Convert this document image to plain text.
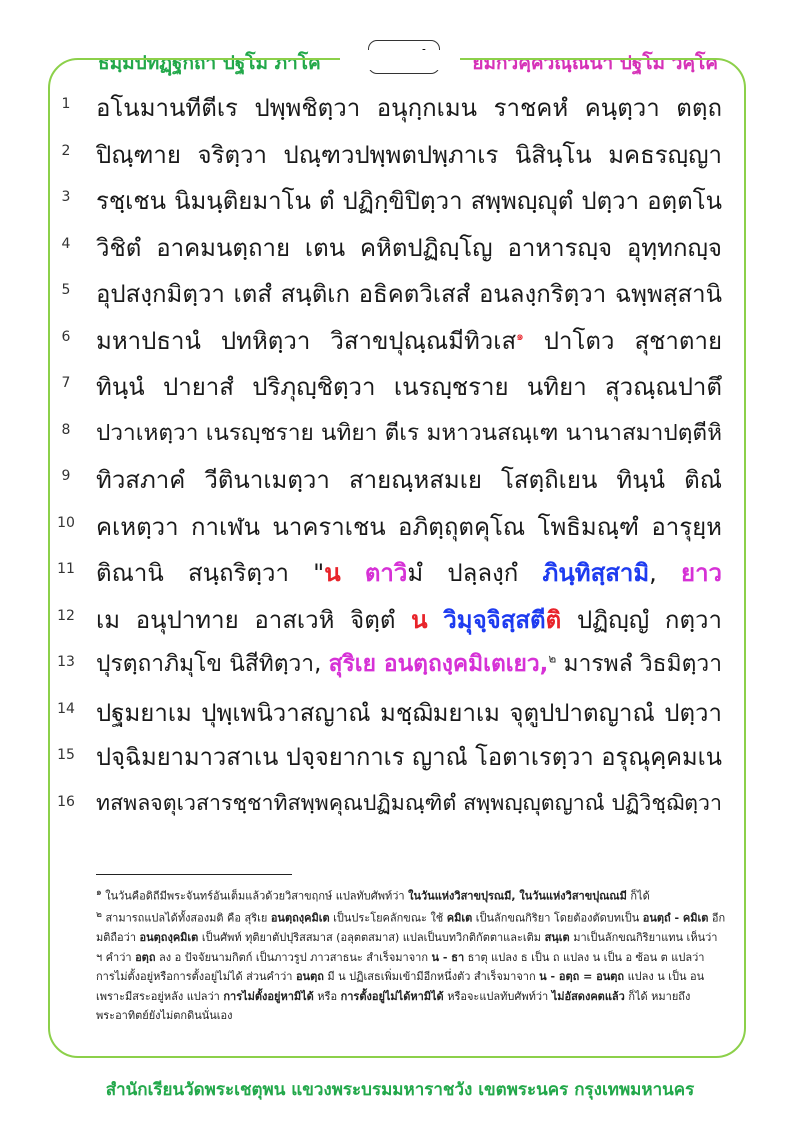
ธมฺมปทฏฺฐกถา ปฐโม ภาโค	ยมกวคฺควณฺณนา ปฐโม วคฺโค
1	อโนมานทีตีเร ปพฺพชิตฺวา อนุกฺกเมน ราชคหํ คนฺตฺวา ตตฺถ
2	ปิณฺฑาย จริตฺวา ปณฺฑวปพฺพตปพฺภาเร นิสินฺโน มคธรญฺญา
3	รชฺเชน นิมนฺติยมาโน ตํ ปฏิกฺขิปิตฺวา สพฺพญฺญุตํ ปตฺวา อตฺตโน
4	วิชิตํ อาคมนตฺถาย เตน คหิตปฏิญฺโญ อาหารญฺจ อุทฺทกญฺจ
5	อุปสงฺกมิตฺวา เตสํ สนฺติเก อธิคตวิเสสํ อนลงฺกริตฺวา ฉพฺพสฺสานิ
6	มหาปธานํ ปทหิตฺวา วิสาขปุณฺณมีทิวเส$^๑$ ปาโตว สุชาตาย
7	ทินฺนํ ปายาสํ ปริภุญฺชิตฺวา เนรญฺชราย นทิยา สุวณฺณปาตึ
8	ปวาเหตฺวา เนรญฺชราย นทิยา ตีเร มหาวนสณฺเฑ นานาสมาปตฺตีหิ
9	ทิวสภาคํ วีตินาเมตฺวา สายณฺหสมเย โสตฺถิเยน ทินฺนํ ติณํ
10 คเหตฺวา กาเฬน นาคราเชน อภิตฺถุตคุโณ โพธิมณฺฑํ อารุยฺห
11 ติณานิ สนฺถริตฺวา "น ตาวิมํ ปลฺลงฺกํ ภินฺทิสฺสามิ, ยาว
12 เม อนุปาทาย อาสเวหิ จิตฺตํ น วิมุจฺจิสฺสตีติ ปฏิญฺญํ กตฺวา
13 ปุรตฺถาภิมุโข นิสีทิตฺวา, สุริเย อนตฺถงฺคมิเตเยว,$^๒$ มารพลํ วิธมิตฺวา
14 ปฐมยาเม ปุพฺเพนิวาสญาณํ มชฺฌิมยาเม จุตูปปาตญาณํ ปตฺวา
15 ปจฺฉิมยามาวสาเน ปจฺจยากาเร ญาณํ โอตาเรตฺวา อรุณุคฺคมเน
16 ทสพลจตุเวสารชฺชาทิสพฺพคุณปฏิมณฺฑิตํ สพฺพญฺญุตญาณํ ปฏิวิชฺฌิตฺวา

$^๑$ ในวันคือดิถีมีพระจันทร์อันเต็มแล้วด้วยวิสาขฤกษ์ แปลทับศัพท์ว่า ในวันแห่งวิสาขปุรณมี, ในวันแห่งวิสาขปุณณมี ก็ได้

$^๒$ สามารถแปลได้ทั้งสองมติ คือ สุริเย อนตฺถงฺคมิเต เป็นประโยคลักขณะ ใช้ คมิเต เป็นลักขณกิริยา โดยต้องตัดบทเป็น อนตฺถํ - คมิเต อีกมติถือว่า อนตฺถงฺคมิเต เป็นศัพท์ ทุติยาตัปปุริสสมาส (อลุตตสมาส) แปลเป็นบทวิกติกัตตาและเติม สนฺเต มาเป็นลักขณกิริยาแทน เห็นว่า ฯ คำว่า อตฺถ ลง อ ปัจจัยนามกิตก์ เป็นภาวรูป ภาวสาธนะ สำเร็จมาจาก น - ธา ธาตุ แปลง ธ เป็น ถ แปลง น เป็น อ ซ้อน ต แปลว่า การไม่ตั้งอยู่หรือการตั้งอยู่ไม่ได้ ส่วนคำว่า อนตฺถ มี น ปฏิเสธเพิ่มเข้ามีอีกหนึ่งตัว สำเร็จมาจาก น - อตฺถ = อนตฺถ แปลง น เป็น อน เพราะมีสระอยู่หลัง แปลว่า การไม่ตั้งอยู่หามิได้ หรือ การตั้งอยู่ไม่ได้หามิได้ หรือจะแปลทับศัพท์ว่า ไม่อัสดงคตแล้ว ก็ได้ หมายถึง พระอาทิตย์ยังไม่ตกดินนั่นเอง

สำนักเรียนวัดพระเชตุพน แขวงพระบรมมหาราชวัง เขตพระนคร กรุงเทพมหานคร
